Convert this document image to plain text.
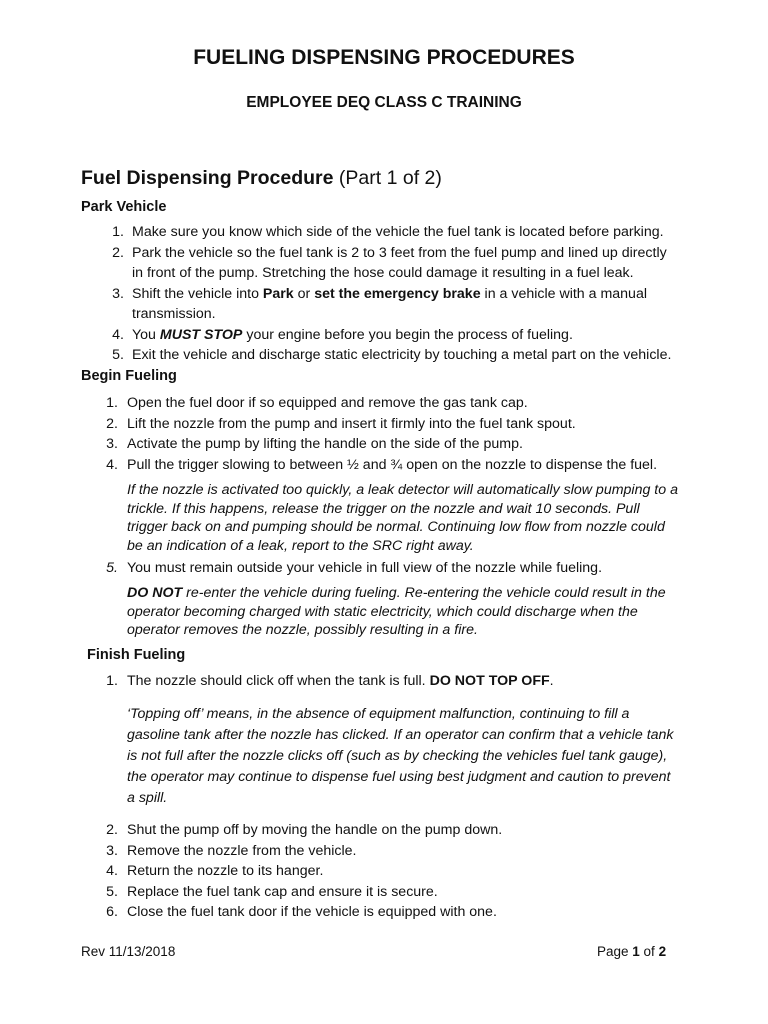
FUELING DISPENSING PROCEDURES
EMPLOYEE DEQ CLASS C TRAINING
Fuel Dispensing Procedure (Part 1 of 2)
Park Vehicle
1. Make sure you know which side of the vehicle the fuel tank is located before parking.
2. Park the vehicle so the fuel tank is 2 to 3 feet from the fuel pump and lined up directly
in front of the pump. Stretching the hose could damage it resulting in a fuel leak.
3. Shift the vehicle into Park or set the emergency brake in a vehicle with a manual
transmission.
4. You MUST STOP your engine before you begin the process of fueling.
5. Exit the vehicle and discharge static electricity by touching a metal part on the vehicle.
Begin Fueling
1. Open the fuel door if so equipped and remove the gas tank cap.
2. Lift the nozzle from the pump and insert it firmly into the fuel tank spout.
3. Activate the pump by lifting the handle on the side of the pump.
4. Pull the trigger slowing to between ½ and ¾ open on the nozzle to dispense the fuel.
If the nozzle is activated too quickly, a leak detector will automatically slow pumping to a
trickle. If this happens, release the trigger on the nozzle and wait 10 seconds. Pull
trigger back on and pumping should be normal. Continuing low flow from nozzle could
be an indication of a leak, report to the SRC right away.
5. You must remain outside your vehicle in full view of the nozzle while fueling.
DO NOT re-enter the vehicle during fueling. Re-entering the vehicle could result in the
operator becoming charged with static electricity, which could discharge when the
operator removes the nozzle, possibly resulting in a fire.
Finish Fueling
1. The nozzle should click off when the tank is full. DO NOT TOP OFF.
‘Topping off’ means, in the absence of equipment malfunction, continuing to fill a
gasoline tank after the nozzle has clicked. If an operator can confirm that a vehicle tank
is not full after the nozzle clicks off (such as by checking the vehicles fuel tank gauge),
the operator may continue to dispense fuel using best judgment and caution to prevent
a spill.
2. Shut the pump off by moving the handle on the pump down.
3. Remove the nozzle from the vehicle.
4. Return the nozzle to its hanger.
5. Replace the fuel tank cap and ensure it is secure.
6. Close the fuel tank door if the vehicle is equipped with one.
Rev 11/13/2018	Page 1 of 2
